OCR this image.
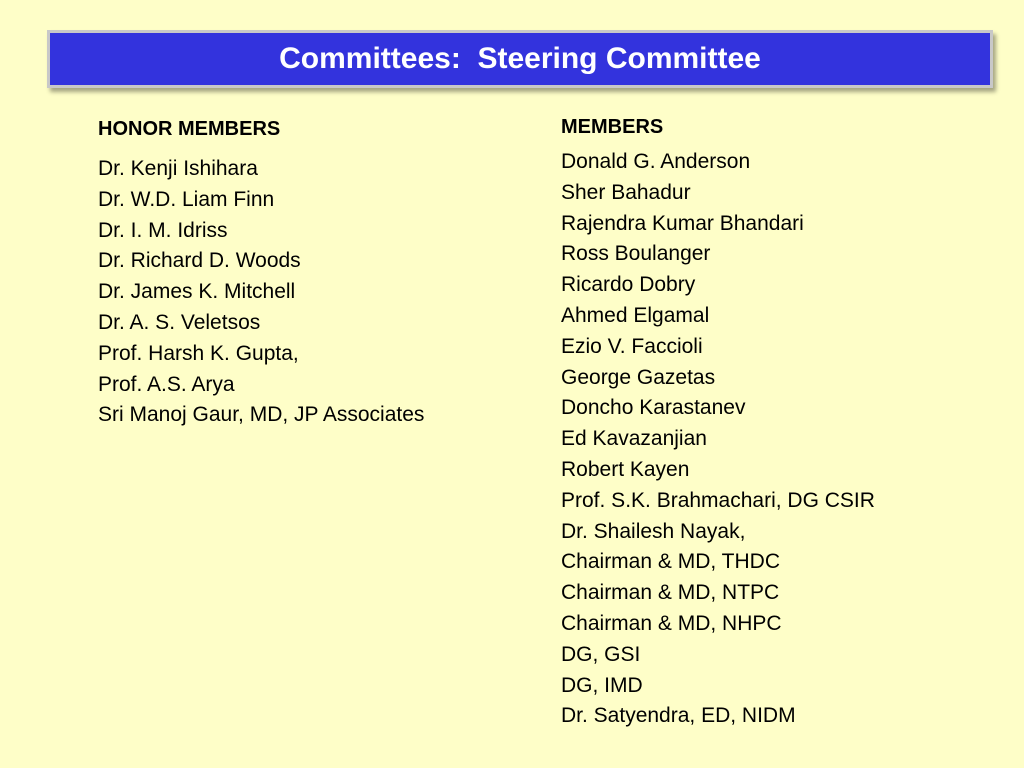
Committees:  Steering Committee
HONOR MEMBERS
Dr. Kenji Ishihara
Dr. W.D. Liam Finn
Dr. I. M. Idriss
Dr. Richard D. Woods
Dr. James K. Mitchell
Dr. A. S. Veletsos
Prof. Harsh K. Gupta,
Prof. A.S. Arya
Sri Manoj Gaur, MD, JP Associates
MEMBERS
Donald G. Anderson
Sher Bahadur
Rajendra Kumar Bhandari
Ross Boulanger
Ricardo Dobry
Ahmed Elgamal
Ezio V. Faccioli
George Gazetas
Doncho Karastanev
Ed Kavazanjian
Robert Kayen
Prof. S.K. Brahmachari, DG CSIR
Dr. Shailesh Nayak,
Chairman & MD, THDC
Chairman & MD, NTPC
Chairman & MD, NHPC
DG, GSI
DG, IMD
Dr. Satyendra, ED, NIDM
